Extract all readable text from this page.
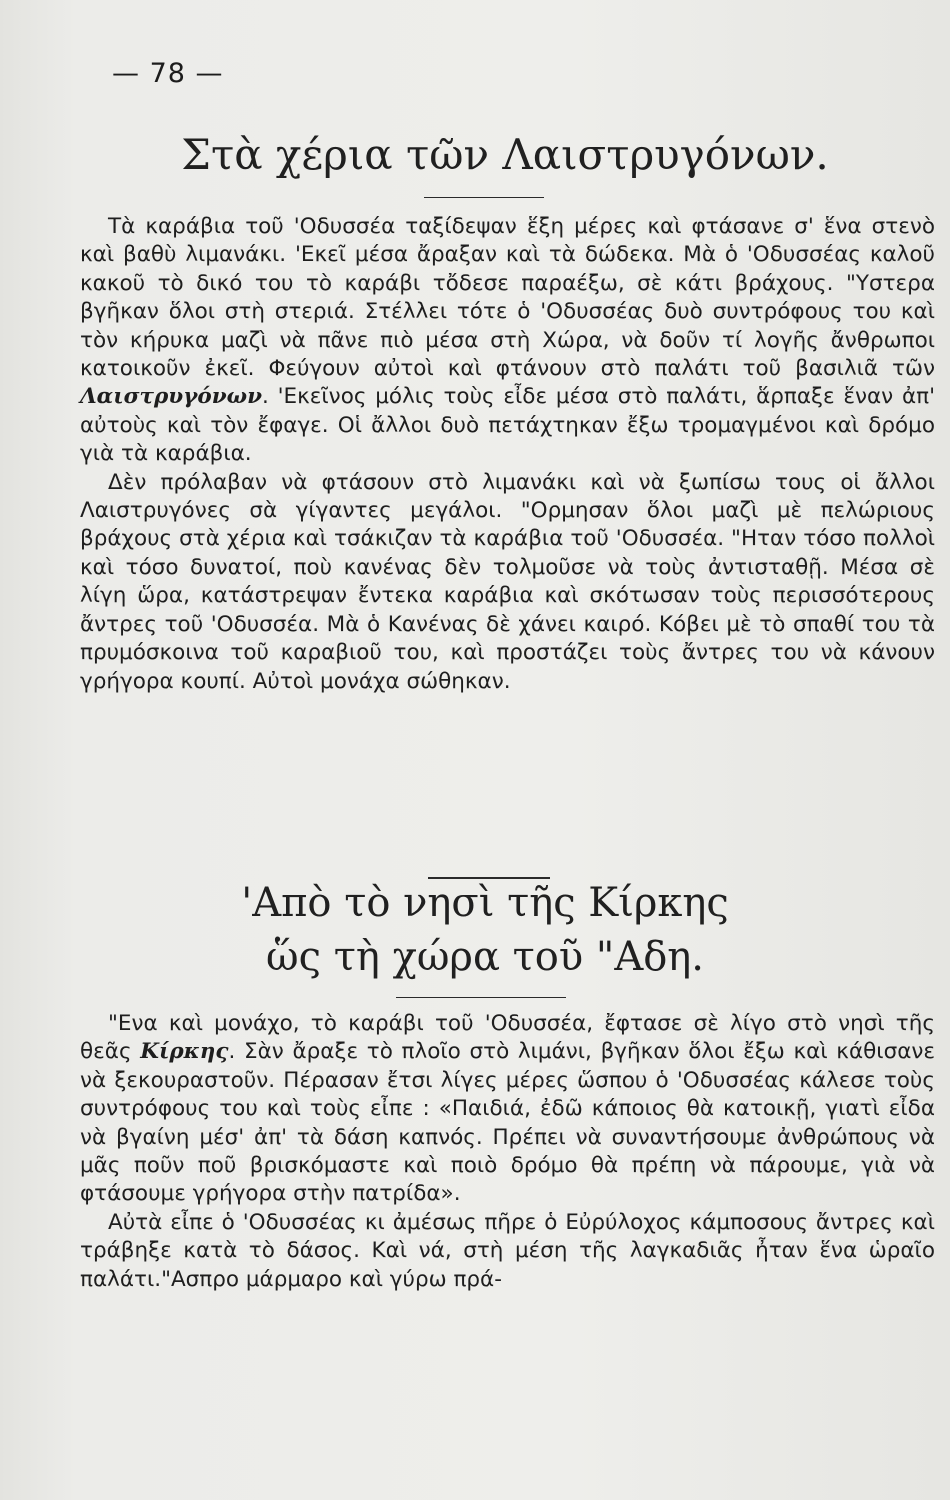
— 78 —
Στὰ χέρια τῶν Λαιστρυγόνων.

Τὰ καράβια τοῦ 'Οδυσσέα ταξίδεψαν ἕξη μέρες καὶ φτάσανε σ' ἕνα στενὸ καὶ βαθὺ λιμανάκι. 'Εκεῖ μέσα ἄραξαν καὶ τὰ δώδεκα. Μὰ ὁ 'Οδυσσέας καλοῦ κακοῦ τὸ δικό του τὸ καράβι τὄδεσε παραέξω, σὲ κάτι βράχους. "Υστερα βγῆκαν ὅλοι στὴ στεριά. Στέλλει τότε ὁ 'Οδυσσέας δυὸ συντρόφους του καὶ τὸν κήρυκα μαζὶ νὰ πᾶνε πιὸ μέσα στὴ Χώρα, νὰ δοῦν τί λογῆς ἄνθρωποι κατοικοῦν ἐκεῖ. Φεύγουν αὐτοὶ καὶ φτάνουν στὸ παλάτι τοῦ βασιλιᾶ τῶν Λαιστρυγόνων. 'Εκεῖνος μόλις τοὺς εἶδε μέσα στὸ παλάτι, ἅρπαξε ἕναν ἀπ' αὐτοὺς καὶ τὸν ἔφαγε. Οἱ ἄλλοι δυὸ πετάχτηκαν ἔξω τρομαγμένοι καὶ δρόμο γιὰ τὰ καράβια.

Δὲν πρόλαβαν νὰ φτάσουν στὸ λιμανάκι καὶ νὰ ξωπίσω τους οἱ ἄλλοι Λαιστρυγόνες σὰ γίγαντες μεγάλοι. "Ορμησαν ὅλοι μαζὶ μὲ πελώριους βράχους στὰ χέρια καὶ τσάκιζαν τὰ καράβια τοῦ 'Οδυσσέα. "Ηταν τόσο πολλοὶ καὶ τόσο δυνατοί, ποὺ κανένας δὲν τολμοῦσε νὰ τοὺς ἀντισταθῇ. Μέσα σὲ λίγη ὥρα, κατάστρεψαν ἔντεκα καράβια καὶ σκότωσαν τοὺς περισσότερους ἄντρες τοῦ 'Οδυσσέα. Μὰ ὁ Κανένας δὲ χάνει καιρό. Κόβει μὲ τὸ σπαθί του τὰ πρυμόσκοινα τοῦ καραβιοῦ του, καὶ προστάζει τοὺς ἄντρες του νὰ κάνουν γρήγορα κουπί. Αὐτοὶ μονάχα σώθηκαν.

'Απὸ τὸ νησὶ τῆς Κίρκης
ὥς τὴ χώρα τοῦ "Αδη.

"Ενα καὶ μονάχο, τὸ καράβι τοῦ 'Οδυσσέα, ἔφτασε σὲ λίγο στὸ νησὶ τῆς θεᾶς Κίρκης. Σὰν ἄραξε τὸ πλοῖο στὸ λιμάνι, βγῆκαν ὅλοι ἔξω καὶ κάθισανε νὰ ξεκουραστοῦν. Πέρασαν ἔτσι λίγες μέρες ὥσπου ὁ 'Οδυσσέας κάλεσε τοὺς συντρόφους του καὶ τοὺς εἶπε : «Παιδιά, ἐδῶ κάποιος θὰ κατοικῇ, γιατὶ εἶδα νὰ βγαίνη μέσ' ἀπ' τὰ δάση καπνός. Πρέπει νὰ συναντήσουμε ἀνθρώπους νὰ μᾶς ποῦν ποῦ βρισκόμαστε καὶ ποιὸ δρόμο θὰ πρέπη νὰ πάρουμε, γιὰ νὰ φτάσουμε γρήγορα στὴν πατρίδα».

Αὐτὰ εἶπε ὁ 'Οδυσσέας κι ἀμέσως πῆρε ὁ Εὐρύλοχος κάμποσους ἄντρες καὶ τράβηξε κατὰ τὸ δάσος. Καὶ νά, στὴ μέση τῆς λαγκαδιᾶς ἦταν ἕνα ὡραῖο παλάτι."Ασπρο μάρμαρο καὶ γύρω πρά-
